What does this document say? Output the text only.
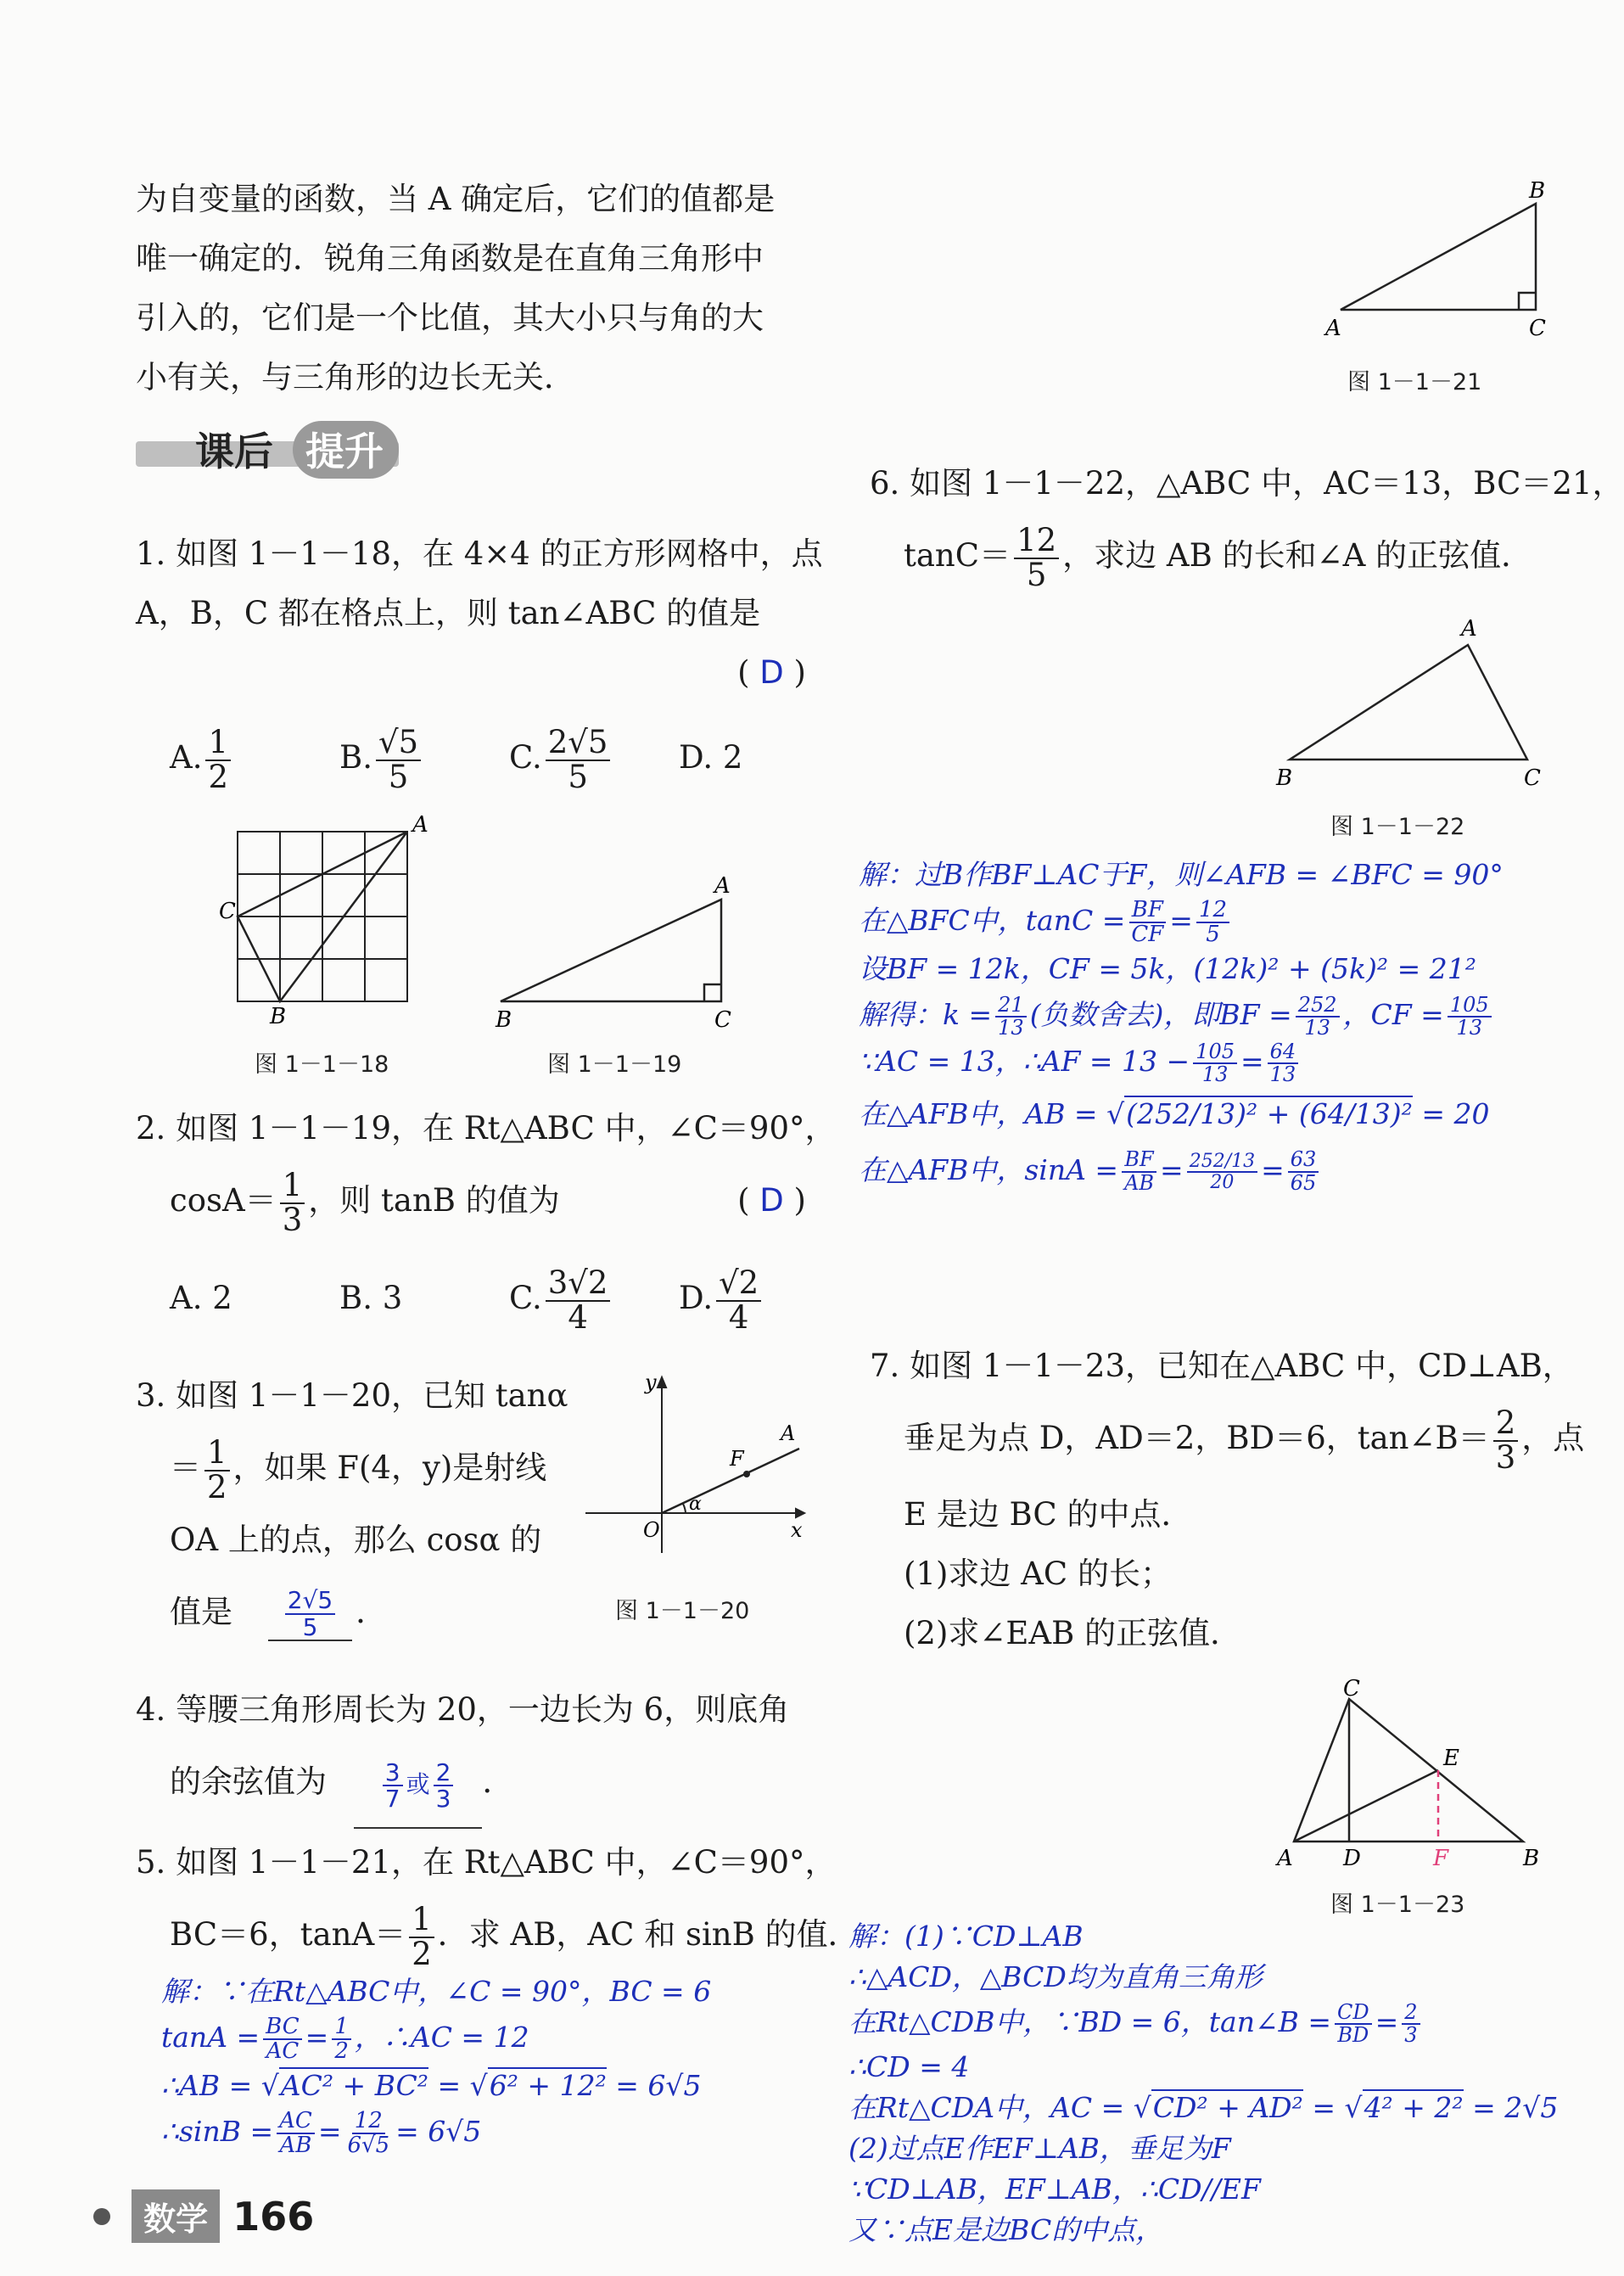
为自变量的函数，当 A 确定后，它们的值都是

唯一确定的．锐角三角函数是在直角三角形中

引入的，它们是一个比值，其大小只与角的大

小有关，与三角形的边长无关．

课后 提升

1. 如图 1－1－18，在 4×4 的正方形网格中，点

A，B，C 都在格点上，则 tan∠ABC 的值是

( D )

A. $\frac{1}{2}$	B. $\frac{√5}{5}$	C. $\frac{2√5}{5} D$. 2

A
C
B
图 1－1－18
A
B	C
图 1－1－19

2. 如图 1－1－19，在 Rt△ABC 中，∠C＝90°，

$\cos A= \frac{1}{3}$ ，则 tanB 的值为	( D )

A. 2	B. 3	C. $\frac{3√2}{4} D$. $\frac{√2}{4}$

3. 如图 1－1－20，已知 tanα

＝ $\frac{1}{2}$ ，如果 F(4，y)是射线

OA 上的点，那么 cosα 的

值是 $\frac{2√5}{5}$ ．

y
x
O
F
A
α
图 1－1－20

4. 等腰三角形周长为 20，一边长为 6，则底角

的余弦值为 $\frac{3}{7}$ 或 $\frac{2}{3}$ ．

5. 如图 1－1－21，在 Rt△ABC 中，∠C＝90°，

BC＝6，$\tan A= \frac{1}{2}$ ．求 AB，AC 和 sinB 的值．

解：∵在Rt△ABC中，∠C = 90°，BC = 6
$\tan A = \frac{BC}{AC} = \frac{1}{2}$ ，∴AC = 12
∴AB = √AC² + BC² = √6² + 12² = 6√5
∴sinB = $\frac{AC}{AB} = \frac{12}{6√5} = 6√5$
数学 166
B
A	C
图 1－1－21

6. 如图 1－1－22，△ABC 中，AC＝13，BC＝21，

$\tan C= \frac{12}{5}$ ，求边 AB 的长和∠A 的正弦值．

A
B	C
图 1－1－22
解：过B作BF⊥AC于F，则∠AFB = ∠BFC = 90°
在△BFC中，$\tan C = \frac{BF}{CF} = \frac{12}{5}$
设BF = 12k，CF = 5k，(12k)² + (5k)² = 21²
解得：$k = \frac{21}{13}$ (负数舍去)，即BF = $\frac{252}{13}$ ，CF = $\frac{105}{13}$
∵AC = 13，∴AF = $13 - \frac{105}{13} = \frac{64}{13}$
在△AFB中，AB = √(252/13)² + (64/13)² = 20
在△AFB中，$\sin A = \frac{BF}{AB} = \frac{252/13}{20} = \frac{63}{65}$

7. 如图 1－1－23，已知在△ABC 中，CD⊥AB，

垂足为点 D，AD＝2，BD＝6，tan∠B＝ $\frac{2}{3}$ ，点

E 是边 BC 的中点．

(1)求边 AC 的长；

(2)求∠EAB 的正弦值．

C
E
A D	F	B
图 1－1－23
解：(1)∵CD⊥AB
∴△ACD，△BCD均为直角三角形
在Rt△CDB中，∵BD = 6，tan∠B = $\frac{CD}{BD} = \frac{2}{3}$
∴CD = 4
在Rt△CDA中，AC = √CD² + AD² = √4² + 2² = 2√5
(2)过点E作EF⊥AB，垂足为F
∵CD⊥AB，EF⊥AB，∴CD//EF
又∵点E是边BC的中点，
